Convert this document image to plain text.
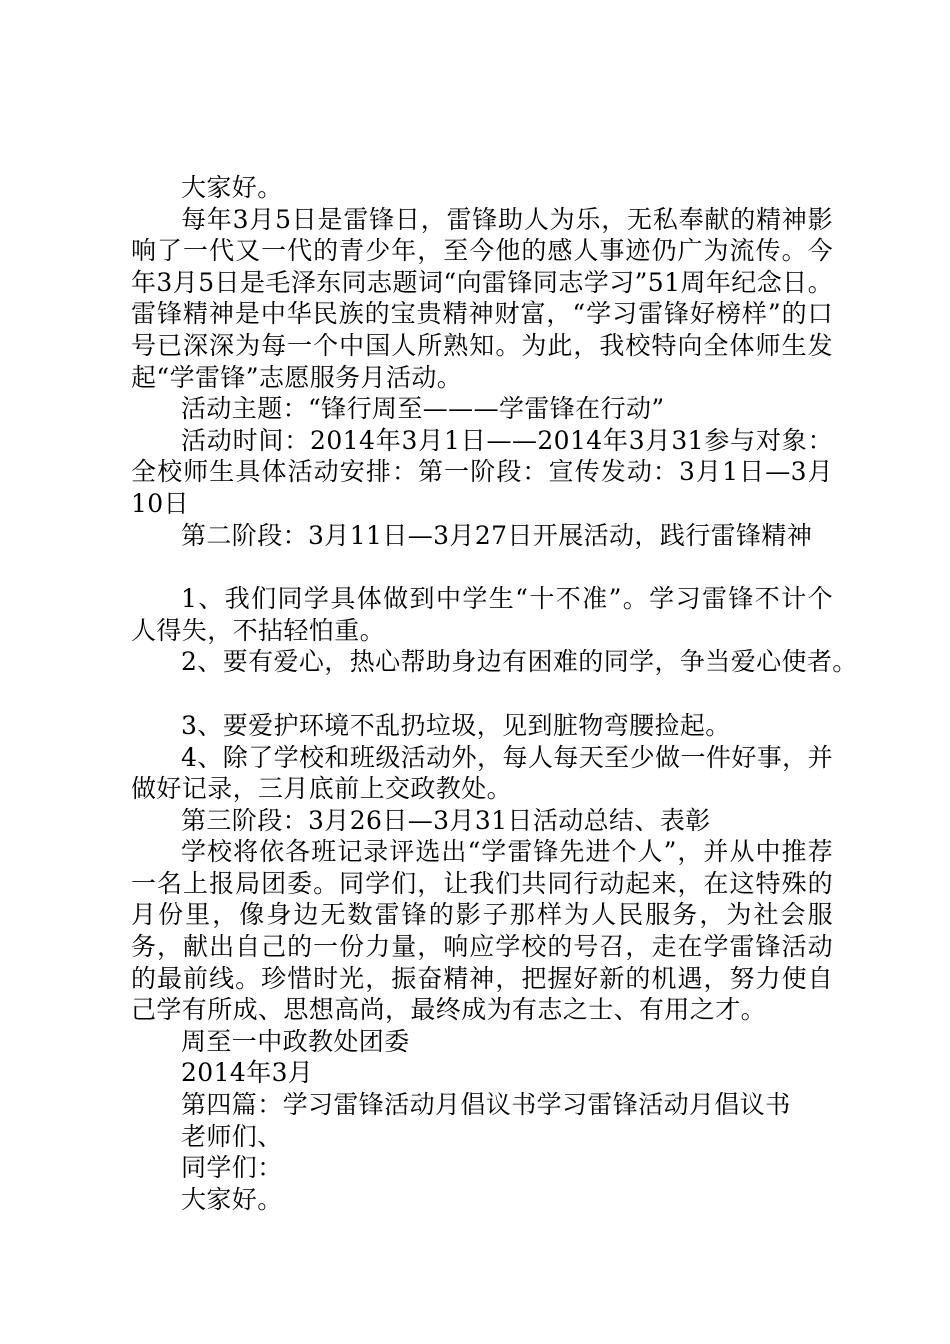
大家好。

每年3月5日是雷锋日，雷锋助人为乐，无私奉献的精神影响了一代又一代的青少年，至今他的感人事迹仍广为流传。今年3月5日是毛泽东同志题词“向雷锋同志学习”51周年纪念日。雷锋精神是中华民族的宝贵精神财富，“学习雷锋好榜样”的口号已深深为每一个中国人所熟知。为此，我校特向全体师生发起“学雷锋”志愿服务月活动。

活动主题：“锋行周至———学雷锋在行动”

活动时间：2014年3月1日——2014年3月31参与对象：全校师生具体活动安排：第一阶段：宣传发动：3月1日—3月10日

第二阶段：3月11日—3月27日开展活动，践行雷锋精神

1、我们同学具体做到中学生“十不准”。学习雷锋不计个人得失，不拈轻怕重。

2、要有爱心，热心帮助身边有困难的同学，争当爱心使者。

3、要爱护环境不乱扔垃圾，见到脏物弯腰捡起。

4、除了学校和班级活动外，每人每天至少做一件好事，并做好记录，三月底前上交政教处。

第三阶段：3月26日—3月31日活动总结、表彰

学校将依各班记录评选出“学雷锋先进个人”，并从中推荐一名上报局团委。同学们，让我们共同行动起来，在这特殊的月份里，像身边无数雷锋的影子那样为人民服务，为社会服务，献出自己的一份力量，响应学校的号召，走在学雷锋活动的最前线。珍惜时光，振奋精神，把握好新的机遇，努力使自己学有所成、思想高尚，最终成为有志之士、有用之才。

周至一中政教处团委

2014年3月

第四篇：学习雷锋活动月倡议书学习雷锋活动月倡议书

老师们、

同学们：

大家好。
